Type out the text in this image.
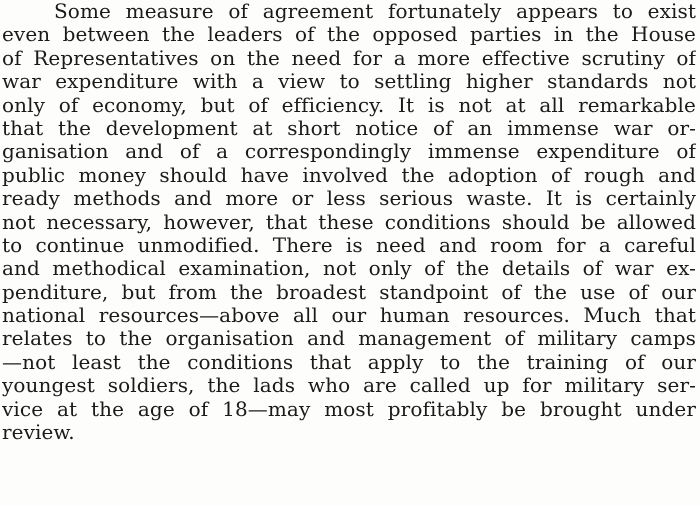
Some measure of agreement fortunately appears to exist
even between the leaders of the opposed parties in the House
of Representatives on the need for a more effective scrutiny of
war expenditure with a view to settling higher standards not
only of economy, but of efficiency. It is not at all remarkable
that the development at short notice of an immense war or-
ganisation and of a correspondingly immense expenditure of
public money should have involved the adoption of rough and
ready methods and more or less serious waste. It is certainly
not necessary, however, that these conditions should be allowed
to continue unmodified. There is need and room for a careful
and methodical examination, not only of the details of war ex-
penditure, but from the broadest standpoint of the use of our
national resources—above all our human resources. Much that
relates to the organisation and management of military camps
—not least the conditions that apply to the training of our
youngest soldiers, the lads who are called up for military ser-
vice at the age of 18—may most profitably be brought under
review.
